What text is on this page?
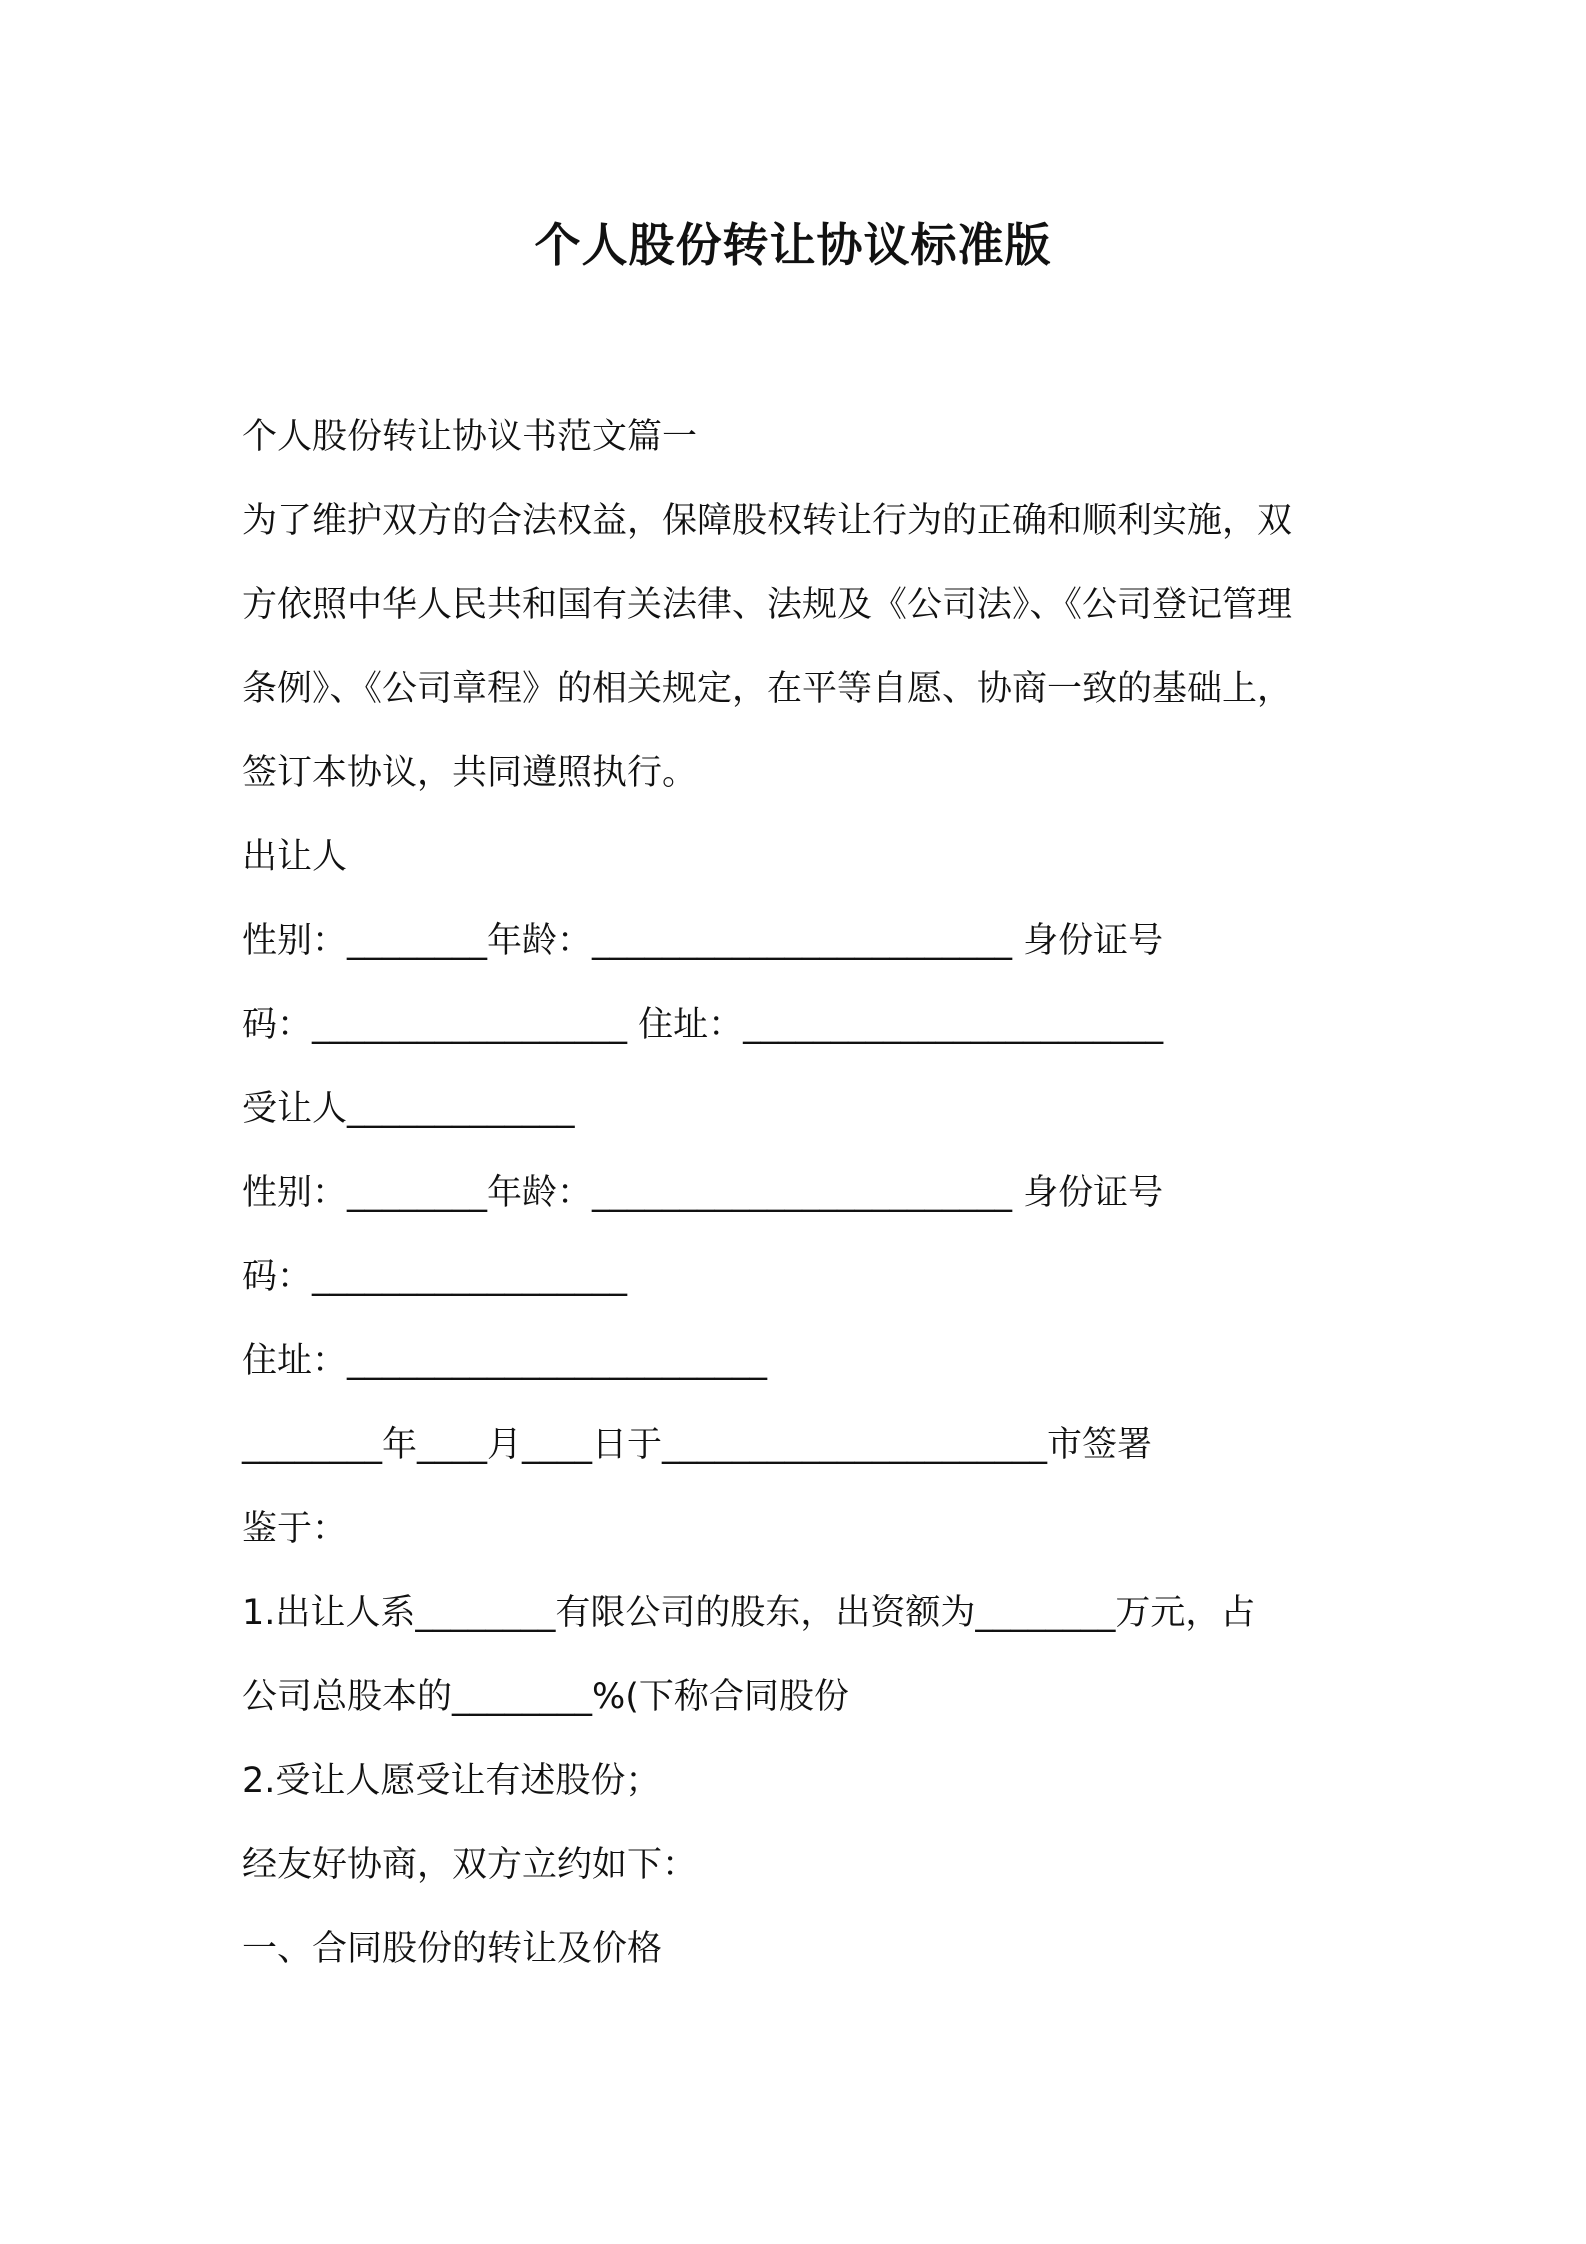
个人股份转让协议标准版
个人股份转让协议书范文篇一
为了维护双方的合法权益，保障股权转让行为的正确和顺利实施，双
方依照中华人民共和国有关法律、法规及《公司法》、《公司登记管理
条例》、《公司章程》的相关规定，在平等自愿、协商一致的基础上，
签订本协议，共同遵照执行。
出让人
性别：________年龄：________________________ 身份证号
码：__________________ 住址：________________________
受让人_____________
性别：________年龄：________________________ 身份证号
码：__________________
住址：________________________
________年____月____日于______________________市签署
鉴于：
1.出让人系________有限公司的股东，出资额为________万元，占
公司总股本的________%(下称合同股份
2.受让人愿受让有述股份；
经友好协商，双方立约如下：
一、合同股份的转让及价格
